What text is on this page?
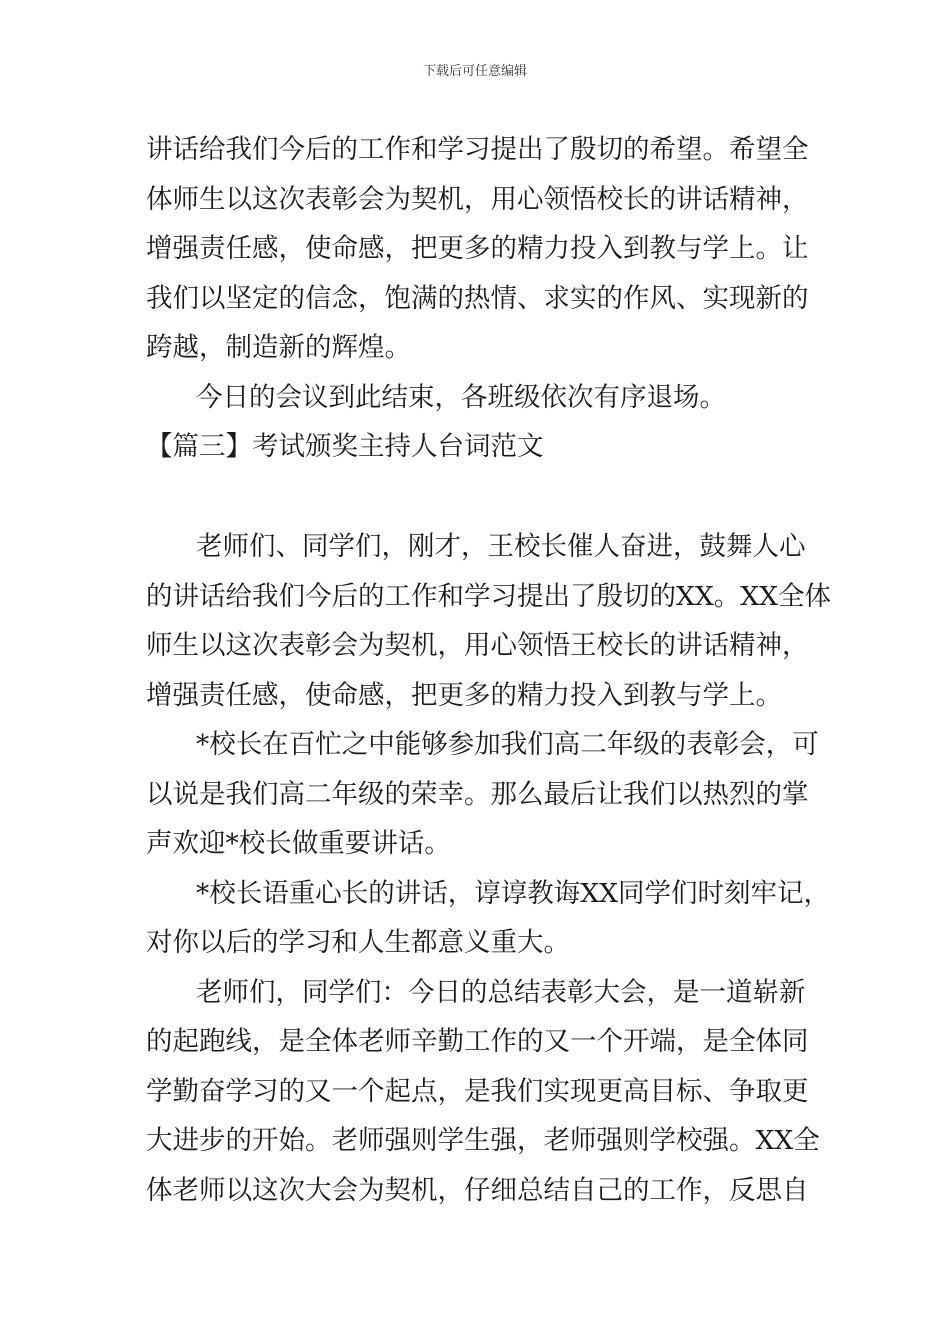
下载后可任意编辑
讲话给我们今后的工作和学习提出了殷切的希望。希望全
体师生以这次表彰会为契机，用心领悟校长的讲话精神，
增强责任感，使命感，把更多的精力投入到教与学上。让
我们以坚定的信念，饱满的热情、求实的作风、实现新的
跨越，制造新的辉煌。
今日的会议到此结束，各班级依次有序退场。
【篇三】考试颁奖主持人台词范文
老师们、同学们，刚才，王校长催人奋进，鼓舞人心
的讲话给我们今后的工作和学习提出了殷切的XX。XX全体
师生以这次表彰会为契机，用心领悟王校长的讲话精神，
增强责任感，使命感，把更多的精力投入到教与学上。
*校长在百忙之中能够参加我们高二年级的表彰会，可
以说是我们高二年级的荣幸。那么最后让我们以热烈的掌
声欢迎*校长做重要讲话。
*校长语重心长的讲话，谆谆教诲XX同学们时刻牢记，
对你以后的学习和人生都意义重大。
老师们，同学们：今日的总结表彰大会，是一道崭新
的起跑线，是全体老师辛勤工作的又一个开端，是全体同
学勤奋学习的又一个起点，是我们实现更高目标、争取更
大进步的开始。老师强则学生强，老师强则学校强。XX全
体老师以这次大会为契机，仔细总结自己的工作，反思自
